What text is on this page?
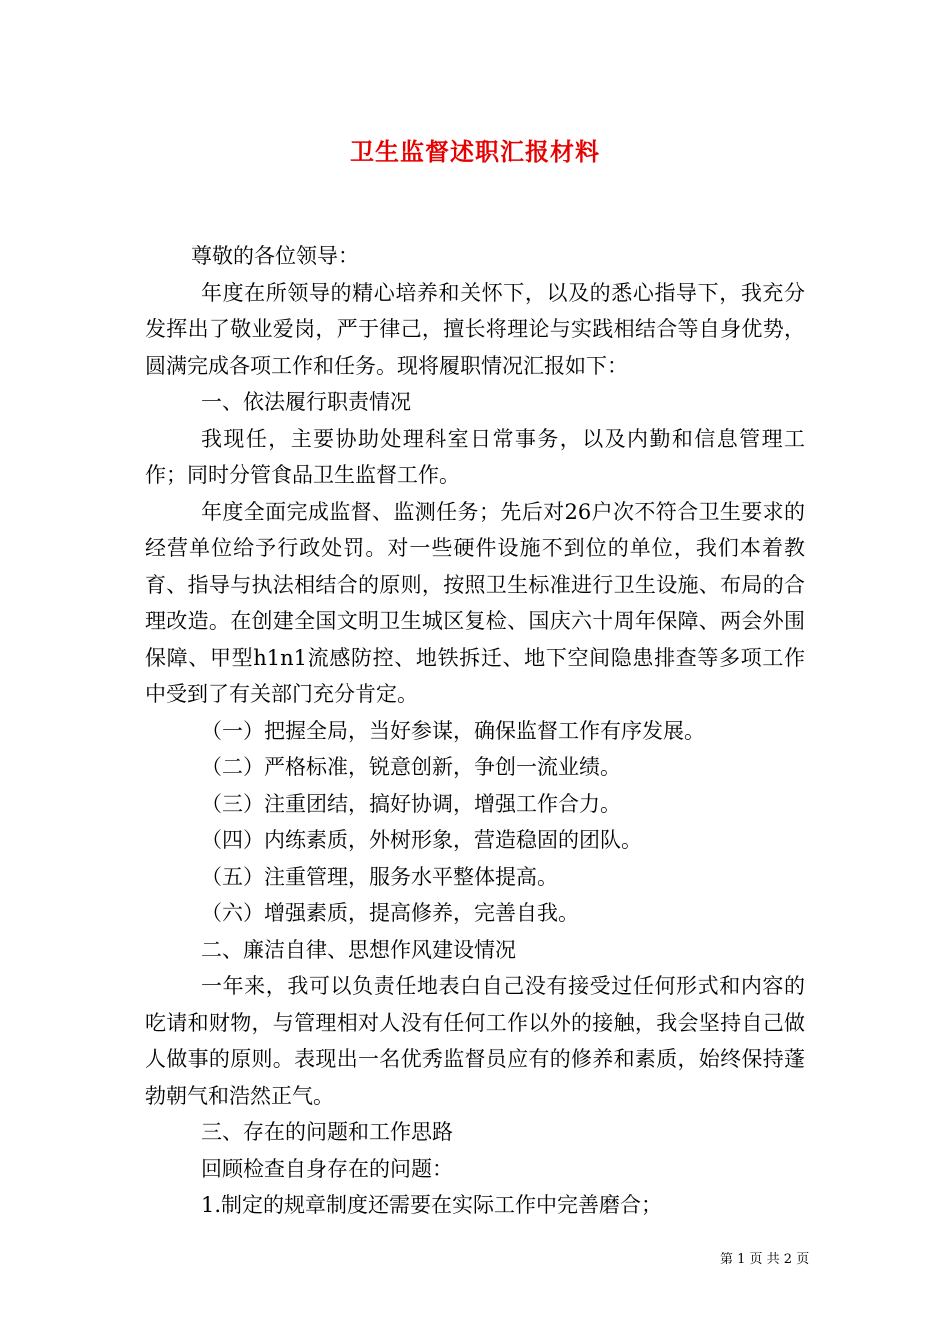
卫生监督述职汇报材料

尊敬的各位领导：

年度在所领导的精心培养和关怀下，以及的悉心指导下，我充分发挥出了敬业爱岗，严于律己，擅长将理论与实践相结合等自身优势，圆满完成各项工作和任务。现将履职情况汇报如下：

一、依法履行职责情况

我现任，主要协助处理科室日常事务，以及内勤和信息管理工作；同时分管食品卫生监督工作。

年度全面完成监督、监测任务；先后对26户次不符合卫生要求的经营单位给予行政处罚。对一些硬件设施不到位的单位，我们本着教育、指导与执法相结合的原则，按照卫生标准进行卫生设施、布局的合理改造。在创建全国文明卫生城区复检、国庆六十周年保障、两会外围保障、甲型h1n1流感防控、地铁拆迁、地下空间隐患排查等多项工作中受到了有关部门充分肯定。

（一）把握全局，当好参谋，确保监督工作有序发展。

（二）严格标准，锐意创新，争创一流业绩。

（三）注重团结，搞好协调，增强工作合力。

（四）内练素质，外树形象，营造稳固的团队。

（五）注重管理，服务水平整体提高。

（六）增强素质，提高修养，完善自我。

二、廉洁自律、思想作风建设情况

一年来，我可以负责任地表白自己没有接受过任何形式和内容的吃请和财物，与管理相对人没有任何工作以外的接触，我会坚持自己做人做事的原则。表现出一名优秀监督员应有的修养和素质，始终保持蓬勃朝气和浩然正气。

三、存在的问题和工作思路

回顾检查自身存在的问题：

1.制定的规章制度还需要在实际工作中完善磨合；

第 1 页 共 2 页
